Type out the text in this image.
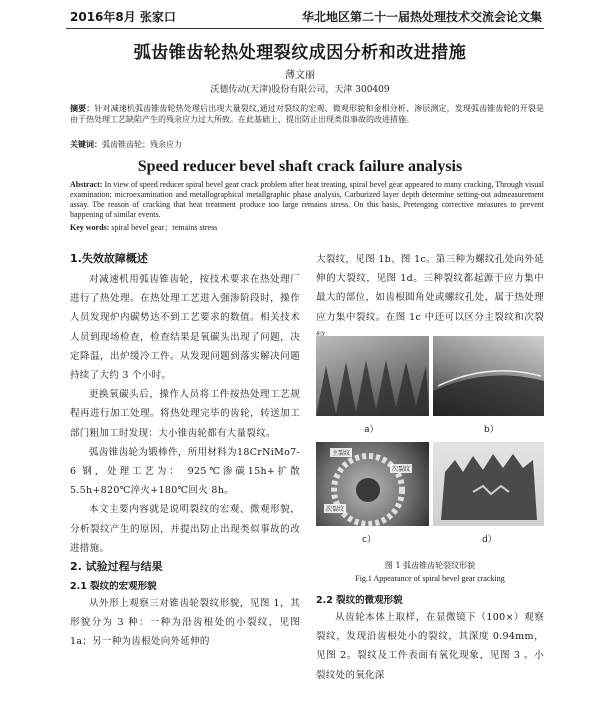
2016年8月 张家口	华北地区第二十一届热处理技术交流会论文集
弧齿锥齿轮热处理裂纹成因分析和改进措施
薄文丽
沃德传动(天津)股份有限公司，天津 300409
摘要：针对减速机弧齿锥齿轮热处理后出现大量裂纹,通过对裂纹的宏观、微观形貌和金相分析、渗层测定，发现弧齿锥齿轮的开裂是由于热处理工艺缺陷产生的残余应力过大所致。在此基础上，提出防止出现类似事故的改进措施。
关键词：弧齿锥齿轮；残余应力
Speed reducer bevel shaft crack failure analysis
Abstract: In view of speed reducer spiral bevel gear crack problem after heat treating, spiral bevel gear appeared to many cracking, Through visual examination; microexamination and metallographical metallgraphic phase analysis, Carburized layer depth determine setting-out admeasurement assay. The reason of cracking that heat treatment produce too large remains stress. On this basis, Pretenging corrective measures to prevent happening of similar events.
Key words: spiral bevel gear；remains stress
1.失效故障概述

对减速机用弧齿锥齿轮，按技术要求在热处理厂进行了热处理。在热处理工艺进入强渗阶段时，操作人员发现炉内碳势达不到工艺要求的数值。相关技术人员到现场检查，检查结果是氧碳头出现了问题，决定降温，出炉缓冷工件。从发现问题到落实解决问题持续了大约 3 个小时。

更换氧碳头后，操作人员将工件按热处理工艺规程再进行加工处理。将热处理完毕的齿轮，转送加工部门粗加工时发现：大小锥齿轮都有大量裂纹。

弧齿锥齿轮为锻棒件，所用材料为18CrNiMo7-6 钢，处理工艺为： 925℃渗碳15h+扩散 5.5h+820℃淬火+180℃回火 8h。

本文主要内容就是说明裂纹的宏观、微观形貌，分析裂纹产生的原因，并提出防止出现类似事故的改进措施。

2. 试验过程与结果
2.1 裂纹的宏观形貌

从外形上观察三对锥齿轮裂纹形貌，见图 1，其形貌分为 3 种：一种为沿齿根处的小裂纹，见图 1a；另一种为齿根处向外延伸的

大裂纹，见图 1b、图 1c。第三种为螺纹孔处向外延伸的大裂纹，见图 1d。三种裂纹都起源于应力集中最大的部位，如齿根圆角处或螺纹孔处，属于热处理应力集中裂纹。在图 1c 中还可以区分主裂纹和次裂

主裂纹
次裂纹
次裂纹
a）	b）
c）	d）
图 1 弧齿锥齿轮裂纹形貌
Fig.1 Appearance of spiral bevel gear cracking
2.2 裂纹的微观形貌

从齿轮本体上取样，在显微镜下（100×）观察裂纹，发现沿齿根处小的裂纹，其深度 0.94mm，见图 2。裂纹及工件表面有氧化现象，见图 3 。小裂纹处的氧化深
